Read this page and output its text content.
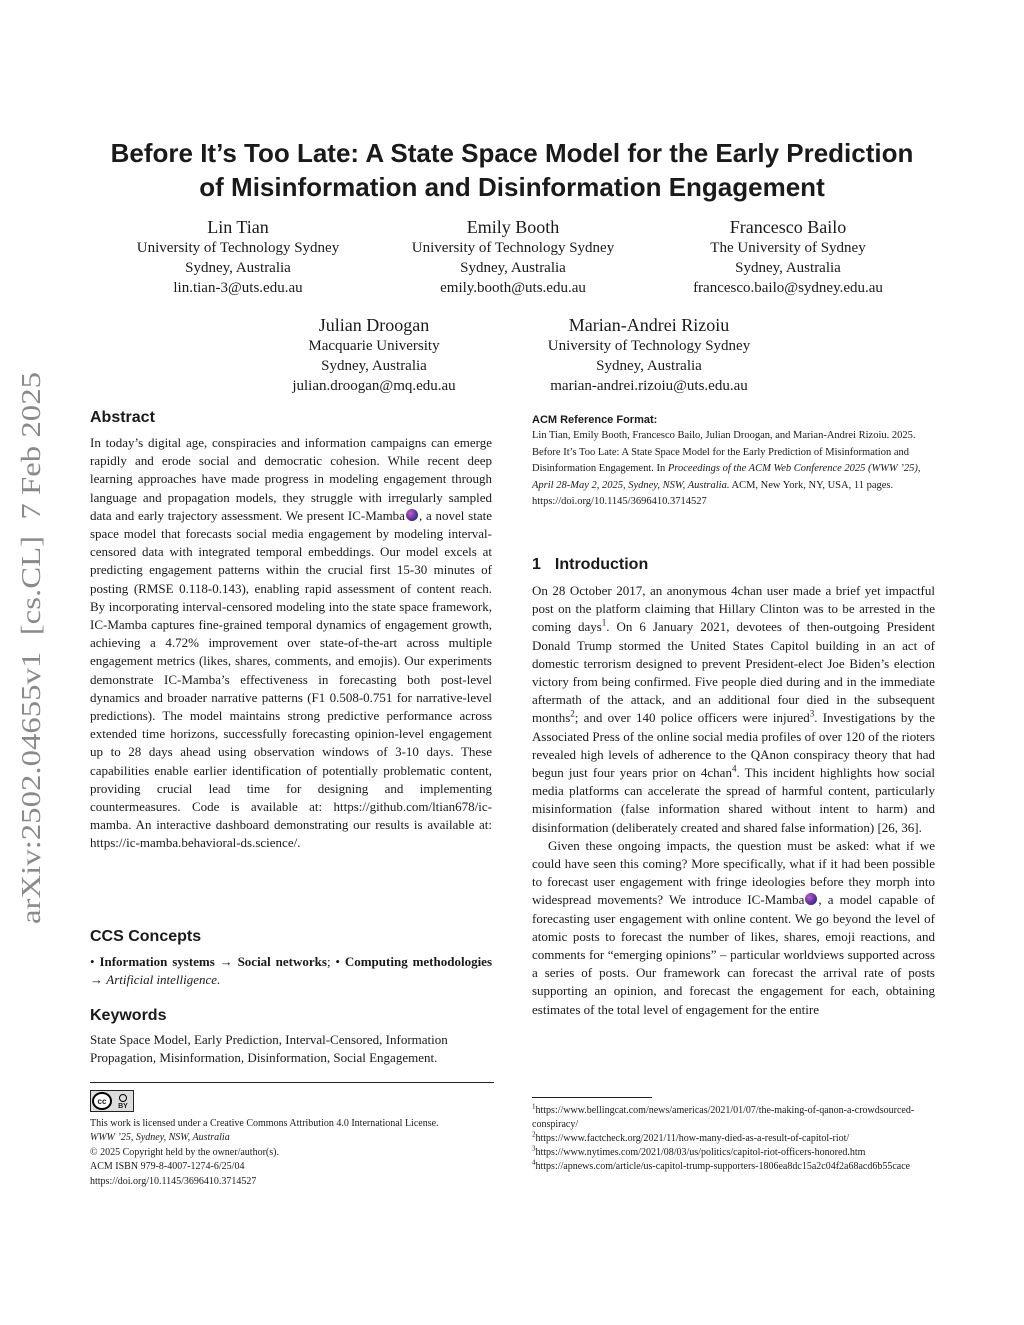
arXiv:2502.04655v1  [cs.CL]  7 Feb 2025
Before It’s Too Late: A State Space Model for the Early Prediction
of Misinformation and Disinformation Engagement
Lin Tian
University of Technology Sydney
Sydney, Australia
lin.tian-3@uts.edu.au
Emily Booth
University of Technology Sydney
Sydney, Australia
emily.booth@uts.edu.au
Francesco Bailo
The University of Sydney
Sydney, Australia
francesco.bailo@sydney.edu.au
Julian Droogan
Macquarie University
Sydney, Australia
julian.droogan@mq.edu.au
Marian-Andrei Rizoiu
University of Technology Sydney
Sydney, Australia
marian-andrei.rizoiu@uts.edu.au
Abstract

In today’s digital age, conspiracies and information campaigns can emerge rapidly and erode social and democratic cohesion. While recent deep learning approaches have made progress in modeling engagement through language and propagation models, they struggle with irregularly sampled data and early trajectory assessment. We present IC-Mamba , a novel state space model that forecasts social media engagement by modeling interval-censored data with integrated temporal embeddings. Our model excels at predicting engagement patterns within the crucial first 15-30 minutes of posting (RMSE 0.118-0.143), enabling rapid assessment of content reach. By incorporating interval-censored modeling into the state space framework, IC-Mamba captures fine-grained temporal dynamics of engagement growth, achieving a 4.72% improvement over state-of-the-art across multiple engagement metrics (likes, shares, comments, and emojis). Our experiments demonstrate IC-Mamba’s effectiveness in forecasting both post-level dynamics and broader narrative patterns (F1 0.508-0.751 for narrative-level predictions). The model maintains strong predictive performance across extended time horizons, successfully forecasting opinion-level engagement up to 28 days ahead using observation windows of 3-10 days. These capabilities enable earlier identification of potentially problematic content, providing crucial lead time for designing and implementing countermeasures. Code is available at: https://github.com/ltian678/ic-mamba. An interactive dashboard demonstrating our results is available at: https://ic-mamba.behavioral-ds.science/.

CCS Concepts

• Information systems → Social networks; • Computing methodologies → Artificial intelligence.

Keywords

State Space Model, Early Prediction, Interval-Censored, Information Propagation, Misinformation, Disinformation, Social Engagement.

cc
BY

This work is licensed under a Creative Commons Attribution 4.0 International License.

WWW ’25, Sydney, NSW, Australia

© 2025 Copyright held by the owner/author(s).

ACM ISBN 979-8-4007-1274-6/25/04

https://doi.org/10.1145/3696410.3714527

ACM Reference Format:
Lin Tian, Emily Booth, Francesco Bailo, Julian Droogan, and Marian-Andrei Rizoiu. 2025. Before It’s Too Late: A State Space Model for the Early Prediction of Misinformation and Disinformation Engagement. In Proceedings of the ACM Web Conference 2025 (WWW ’25), April 28-May 2, 2025, Sydney, NSW, Australia. ACM, New York, NY, USA, 11 pages. https://doi.org/10.1145/3696410.3714527
1 Introduction

On 28 October 2017, an anonymous 4chan user made a brief yet impactful post on the platform claiming that Hillary Clinton was to be arrested in the coming days$^1$. On 6 January 2021, devotees of then-outgoing President Donald Trump stormed the United States Capitol building in an act of domestic terrorism designed to prevent President-elect Joe Biden’s election victory from being confirmed. Five people died during and in the immediate aftermath of the attack, and an additional four died in the subsequent months$^2$; and over 140 police officers were injured$^3$. Investigations by the Associated Press of the online social media profiles of over 120 of the rioters revealed high levels of adherence to the QAnon conspiracy theory that had begun just four years prior on 4chan$^4$. This incident highlights how social media platforms can accelerate the spread of harmful content, particularly misinformation (false information shared without intent to harm) and disinformation (deliberately created and shared false information) [26, 36].

Given these ongoing impacts, the question must be asked: what if we could have seen this coming? More specifically, what if it had been possible to forecast user engagement with fringe ideologies before they morph into widespread movements? We introduce IC-Mamba , a model capable of forecasting user engagement with online content. We go beyond the level of atomic posts to forecast the number of likes, shares, emoji reactions, and comments for “emerging opinions” – particular worldviews supported across a series of posts. Our framework can forecast the arrival rate of posts supporting an opinion, and forecast the engagement for each, obtaining estimates of the total level of engagement for the entire

$^1$https://www.bellingcat.com/news/americas/2021/01/07/the-making-of-qanon-a-crowdsourced-conspiracy/

$^2$https://www.factcheck.org/2021/11/how-many-died-as-a-result-of-capitol-riot/

$^3$https://www.nytimes.com/2021/08/03/us/politics/capitol-riot-officers-honored.htm

$^4$https://apnews.com/article/us-capitol-trump-supporters-1806ea8dc15a2c04f2a68acd6b55cace
